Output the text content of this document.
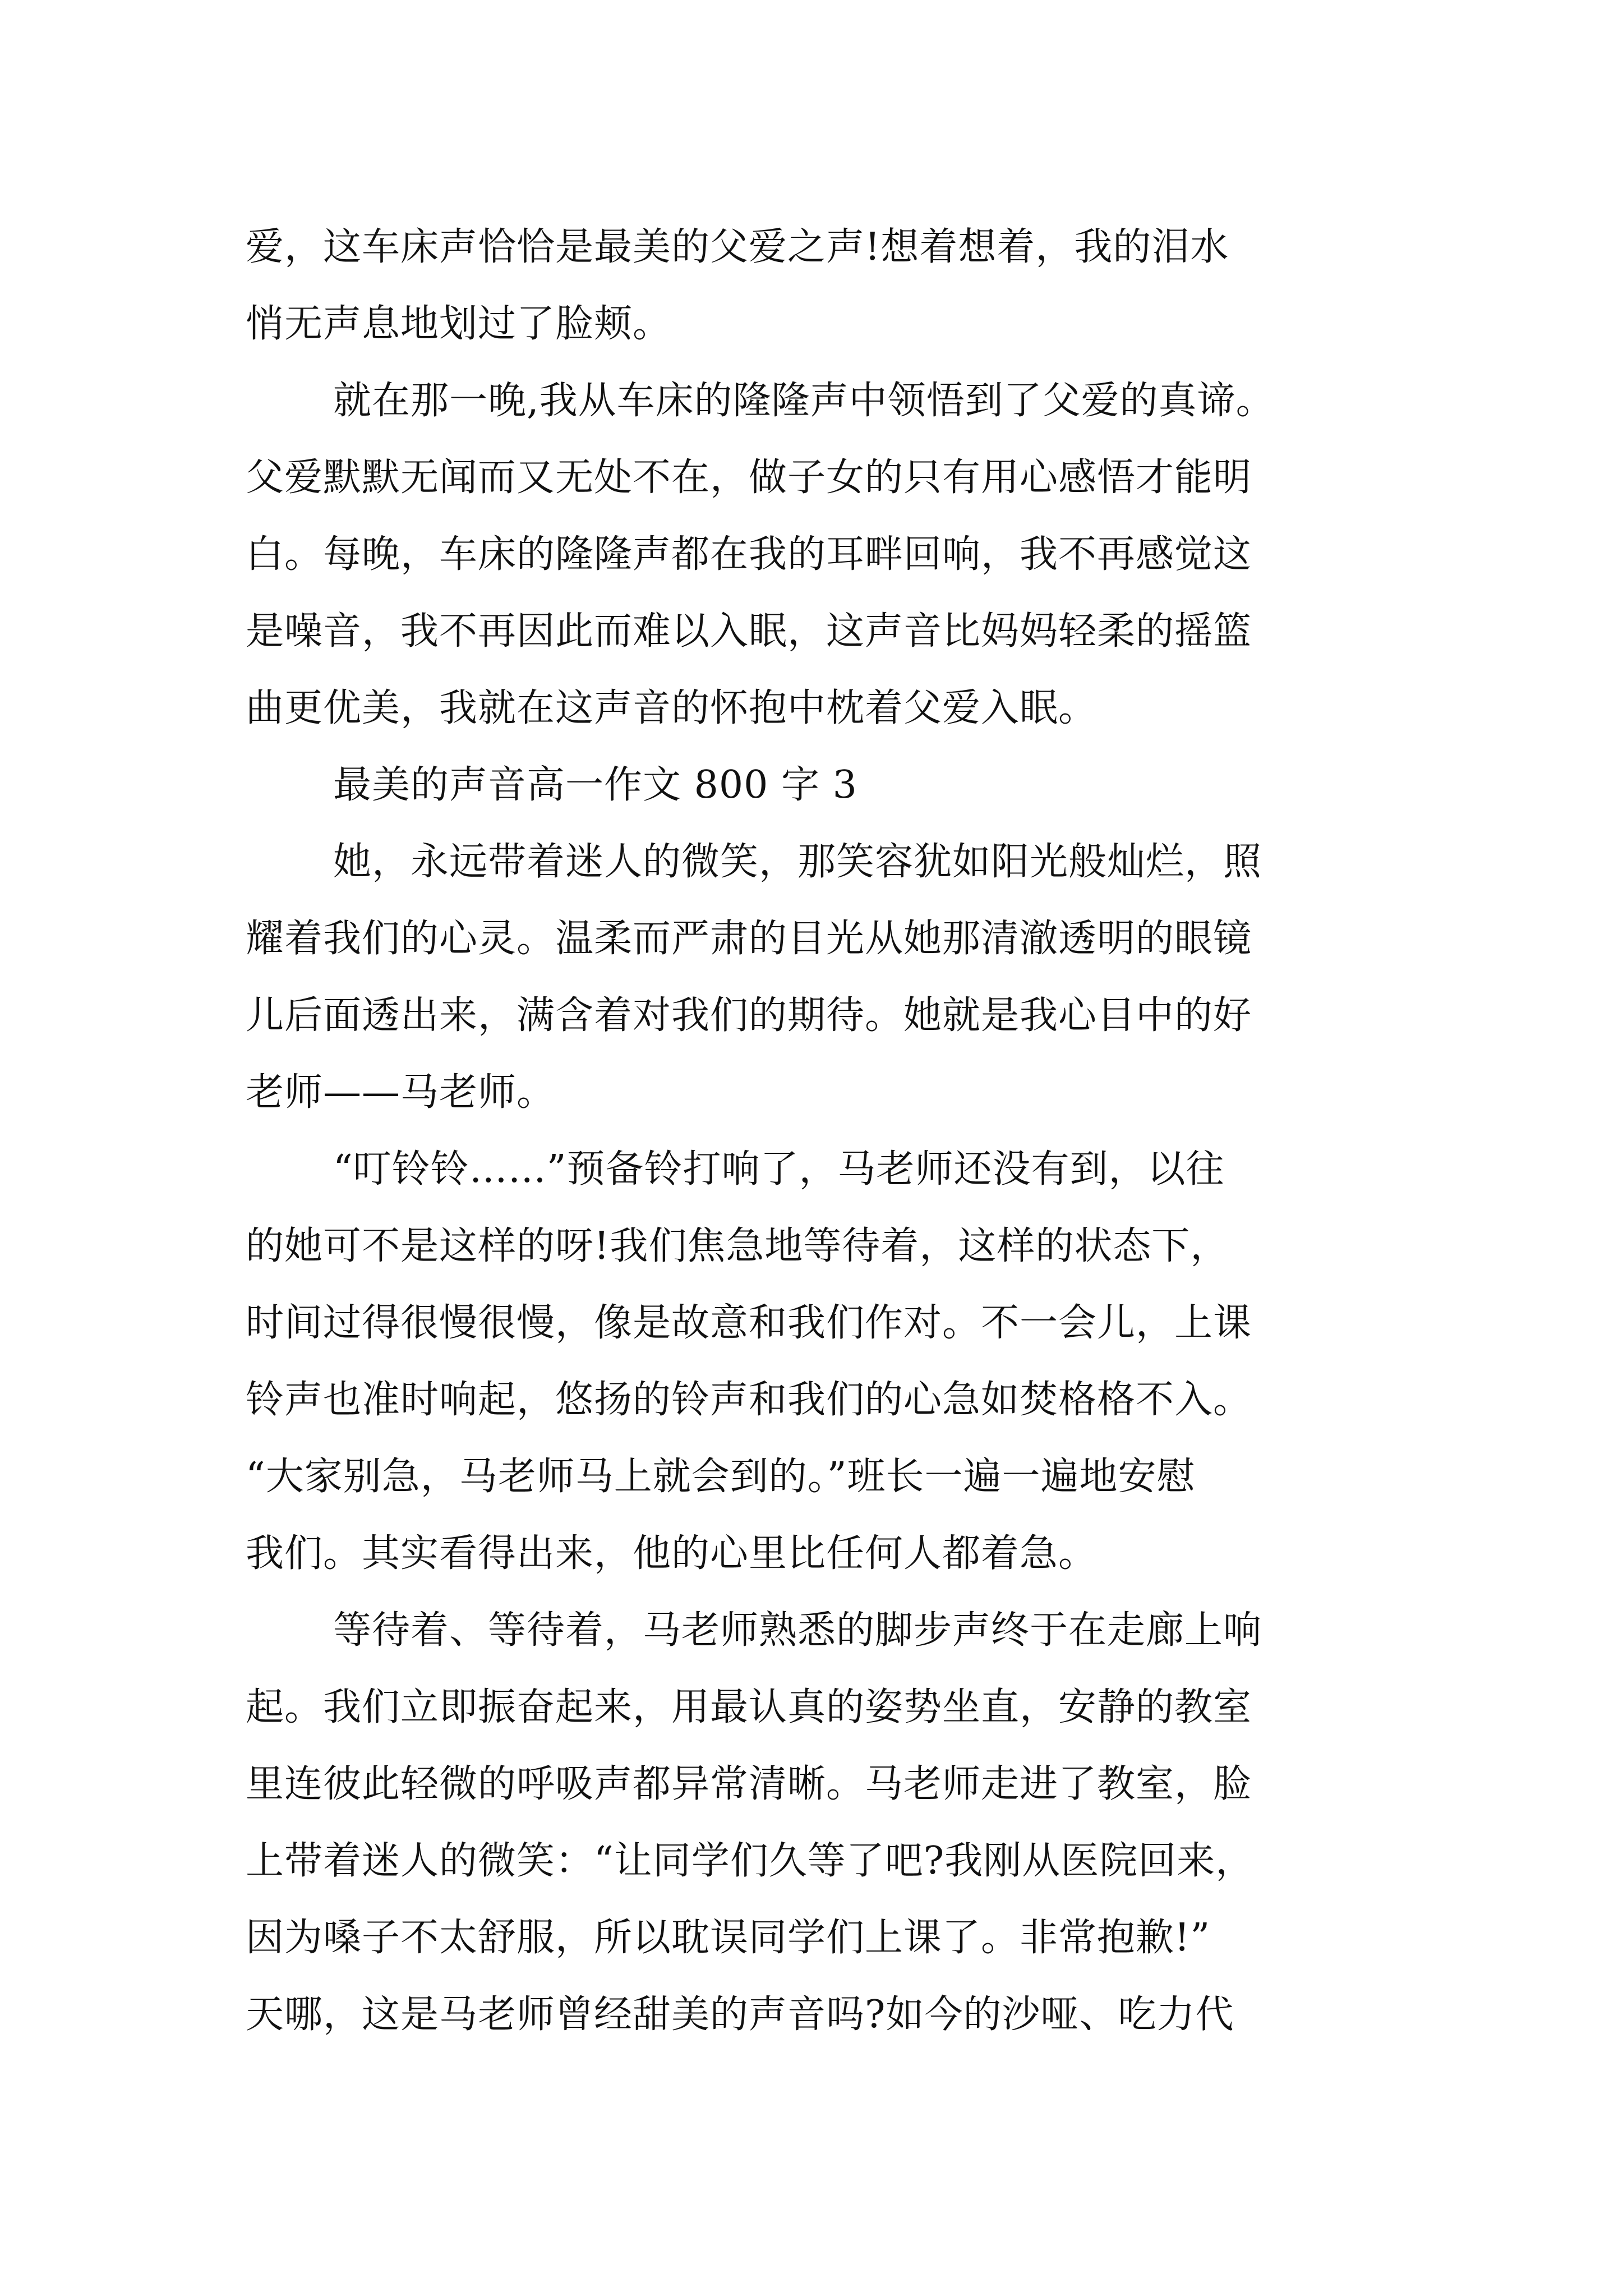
爱，这车床声恰恰是最美的父爱之声!想着想着，我的泪水
悄无声息地划过了脸颊。
就在那一晚,我从车床的隆隆声中领悟到了父爱的真谛。
父爱默默无闻而又无处不在，做子女的只有用心感悟才能明
白。每晚，车床的隆隆声都在我的耳畔回响，我不再感觉这
是噪音，我不再因此而难以入眠，这声音比妈妈轻柔的摇篮
曲更优美，我就在这声音的怀抱中枕着父爱入眠。
最美的声音高一作文 800 字 3
她，永远带着迷人的微笑，那笑容犹如阳光般灿烂，照
耀着我们的心灵。温柔而严肃的目光从她那清澈透明的眼镜
儿后面透出来，满含着对我们的期待。她就是我心目中的好
老师——马老师。
“叮铃铃……”预备铃打响了，马老师还没有到，以往
的她可不是这样的呀!我们焦急地等待着，这样的状态下，
时间过得很慢很慢，像是故意和我们作对。不一会儿，上课
铃声也准时响起，悠扬的铃声和我们的心急如焚格格不入。
“大家别急，马老师马上就会到的。”班长一遍一遍地安慰
我们。其实看得出来，他的心里比任何人都着急。
等待着、等待着，马老师熟悉的脚步声终于在走廊上响
起。我们立即振奋起来，用最认真的姿势坐直，安静的教室
里连彼此轻微的呼吸声都异常清晰。马老师走进了教室，脸
上带着迷人的微笑：“让同学们久等了吧?我刚从医院回来，
因为嗓子不太舒服，所以耽误同学们上课了。非常抱歉!”
天哪，这是马老师曾经甜美的声音吗?如今的沙哑、吃力代
